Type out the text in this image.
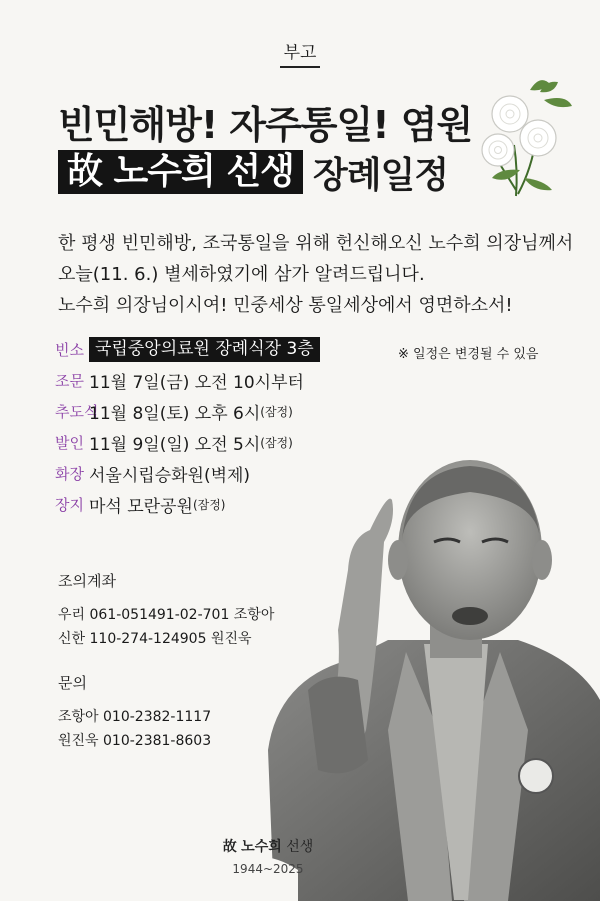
부고
빈민해방! 자주통일! 염원
故 노수희 선생 장례일정
한 평생 빈민해방, 조국통일을 위해 헌신해오신 노수희 의장님께서
오늘(11. 6.) 별세하였기에 삼가 알려드립니다.
노수희 의장님이시여! 민중세상 통일세상에서 영면하소서!
빈소 국립중앙의료원 장례식장 3층
조문 11월 7일(금) 오전 10시부터
추도식
11월 8일(토) 오후 6시 (잠정)
발인 11월 9일(일) 오전 5시 (잠정)
화장 서울시립승화원(벽제)
장지 마석 모란공원 (잠정)
※ 일정은 변경될 수 있음
조의계좌
우리 061-051491-02-701 조항아
신한 110-274-124905 원진욱
문의
조항아 010-2382-1117
원진욱 010-2381-8603
故 노수희 선생
1944~2025
